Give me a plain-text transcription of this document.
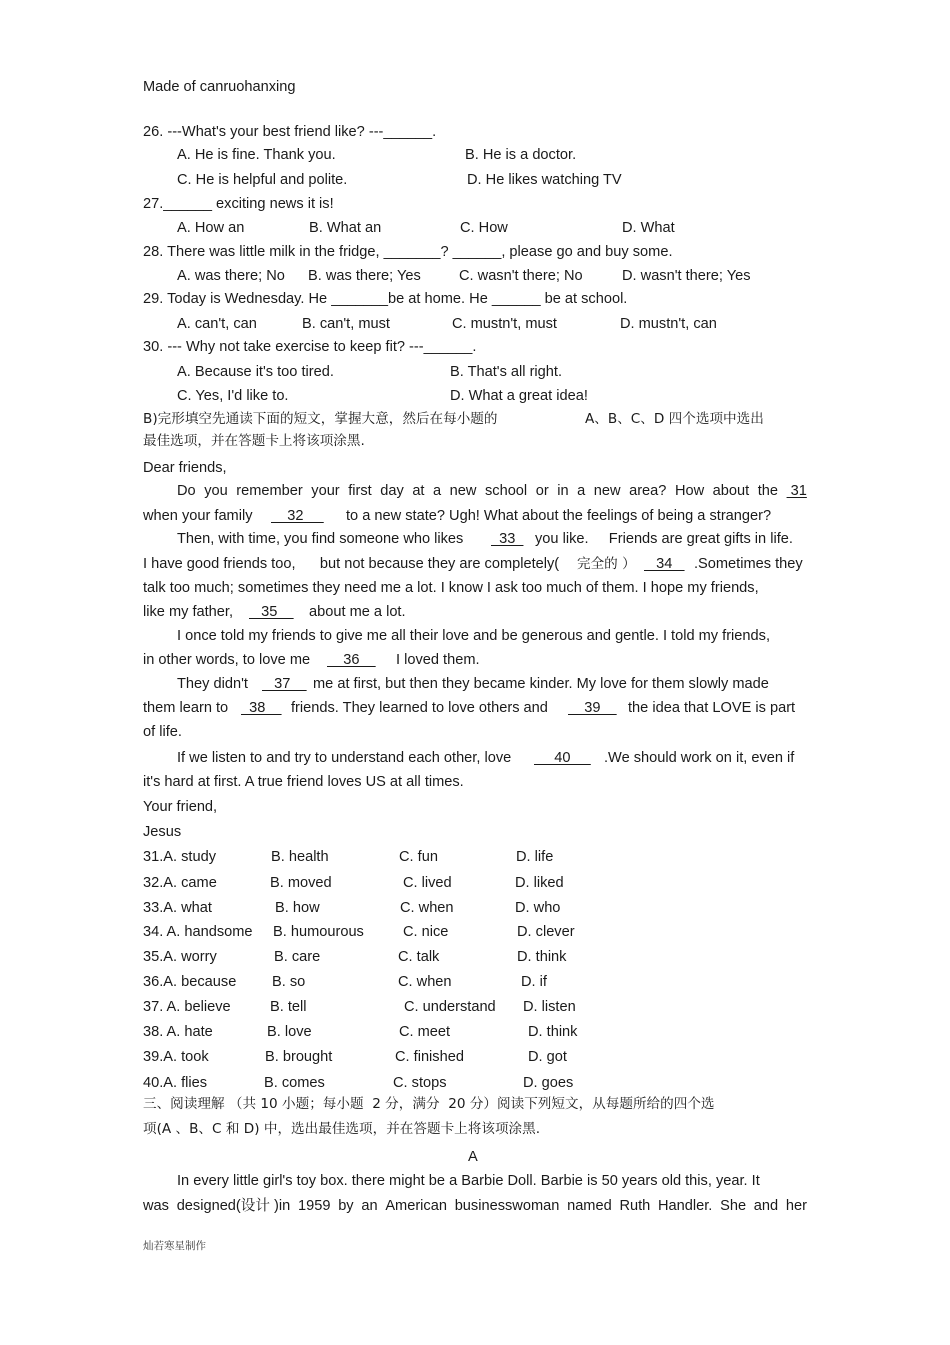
Made of canruohanxing
26. ---What's your best friend like? ---______.
A. He is fine. Thank you.	B. He is a doctor.
C. He is helpful and polite.	D. He likes watching TV
27.______ exciting news it is!
A. How an	B. What an	C. How	D. What
28. There was little milk in the fridge, _______? ______, please go and buy some.
A. was there; No B. was there; Yes	C. wasn't there; No	D. wasn't there; Yes
29. Today is Wednesday. He _______be at home. He ______ be at school.
A. can't, can	B. can't, must	C. mustn't, must	D. mustn't, can
30. --- Why not take exercise to keep fit? ---______.
A. Because it's too tired.	B. That's all right.
C. Yes, I'd like to.	D. What a great idea!
B)完形填空先通读下面的短文，掌握大意，然后在每小题的	A、B、C、D 四个选项中选出
最佳选项，并在答题卡上将该项涂黑.
Dear friends,
Do you remember your first day at a new school or in a new area? How about the 31
when your family 32 to a new state? Ugh! What about the feelings of being a stranger?
Then, with time, you find someone who likes 33 you like.     Friends are great gifts in life.
I have good friends too,      but not because they are completely( 完全的 ） 34 .Sometimes they
talk too much; sometimes they need me a lot. I know I ask too much of them. I hope my friends,
like my father, 35 about me a lot.
I once told my friends to give me all their love and be generous and gentle. I told my friends,
in other words, to love me 36 I loved them.
They didn't 37 me at first, but then they became kinder. My love for them slowly made
them learn to 38 friends. They learned to love others and 39 the idea that LOVE is part
of life.
If we listen to and try to understand each other, love 40 .We should work on it, even if
it's hard at first. A true friend loves US at all times.
Your friend,
Jesus
31.A. study	B. health	C. fun	D. life
32.A. came	B. moved	C. lived	D. liked
33.A. what	B. how	C. when	D. who
34. A. handsome B. humourous	C. nice	D. clever
35.A. worry	B. care	C. talk	D. think
36.A. because B. so	C. when	D. if
37. A. believe	B. tell	C. understand D. listen
38. A. hate	B. love	C. meet	D. think
39.A. took	B. brought	C. finished	D. got
40.A. flies	B. comes	C. stops	D. goes
三、阅读理解 （共 10 小题；每小题  2 分，满分  20 分）阅读下列短文，从每题所给的四个选
项(A 、B、C 和 D) 中，选出最佳选项，并在答题卡上将该项涂黑.
A
In every little girl's toy box. there might be a Barbie Doll. Barbie is 50 years old this, year. It
was designed(设计 )in 1959 by an American businesswoman named Ruth Handler. She and her
灿若寒星制作
